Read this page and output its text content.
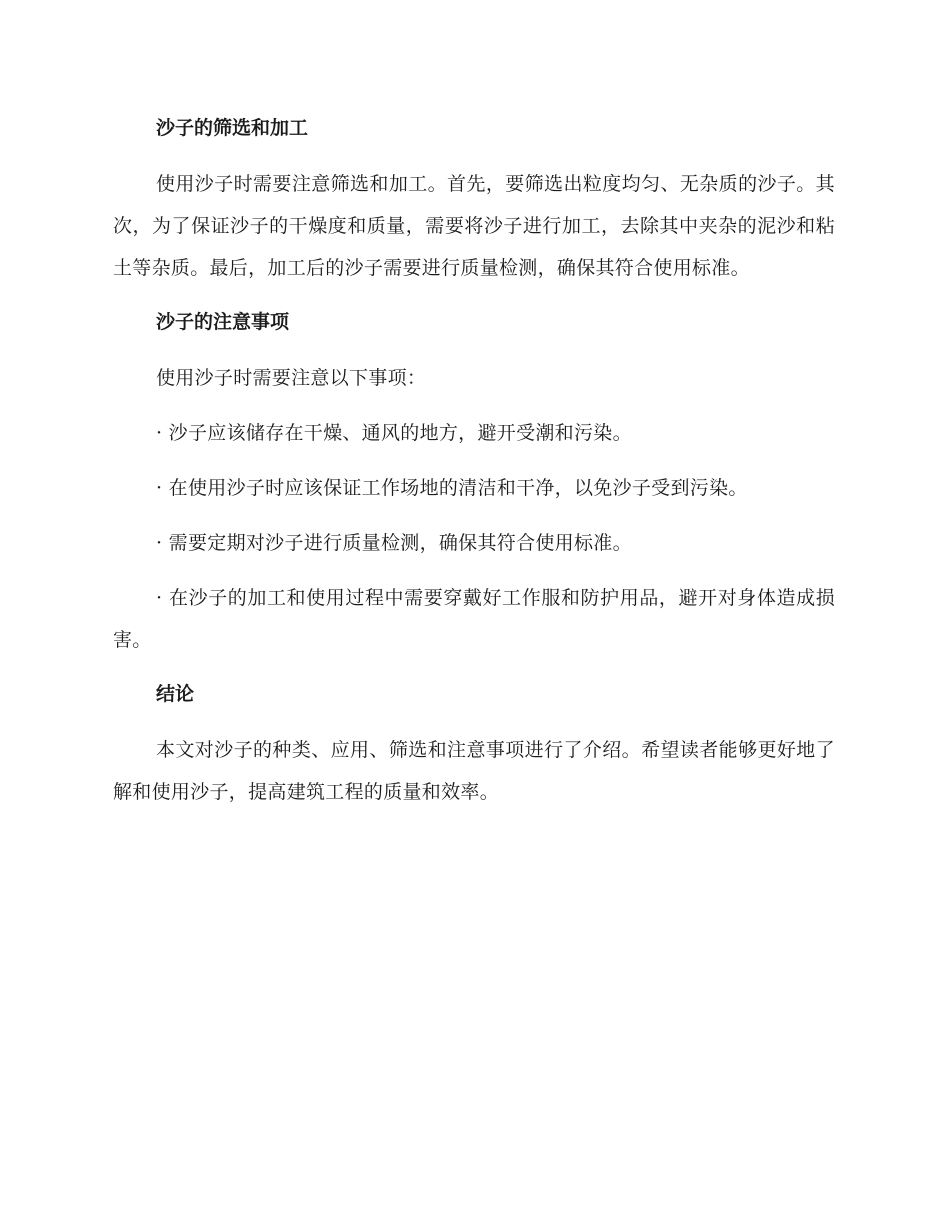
沙子的筛选和加工

使用沙子时需要注意筛选和加工。首先，要筛选出粒度均匀、无杂质的沙子。其次，为了保证沙子的干燥度和质量，需要将沙子进行加工，去除其中夹杂的泥沙和粘土等杂质。最后，加工后的沙子需要进行质量检测，确保其符合使用标准。

沙子的注意事项

使用沙子时需要注意以下事项：

· 沙子应该储存在干燥、通风的地方，避开受潮和污染。

· 在使用沙子时应该保证工作场地的清洁和干净，以免沙子受到污染。

· 需要定期对沙子进行质量检测，确保其符合使用标准。

· 在沙子的加工和使用过程中需要穿戴好工作服和防护用品，避开对身体造成损害。

结论

本文对沙子的种类、应用、筛选和注意事项进行了介绍。希望读者能够更好地了解和使用沙子，提高建筑工程的质量和效率。
